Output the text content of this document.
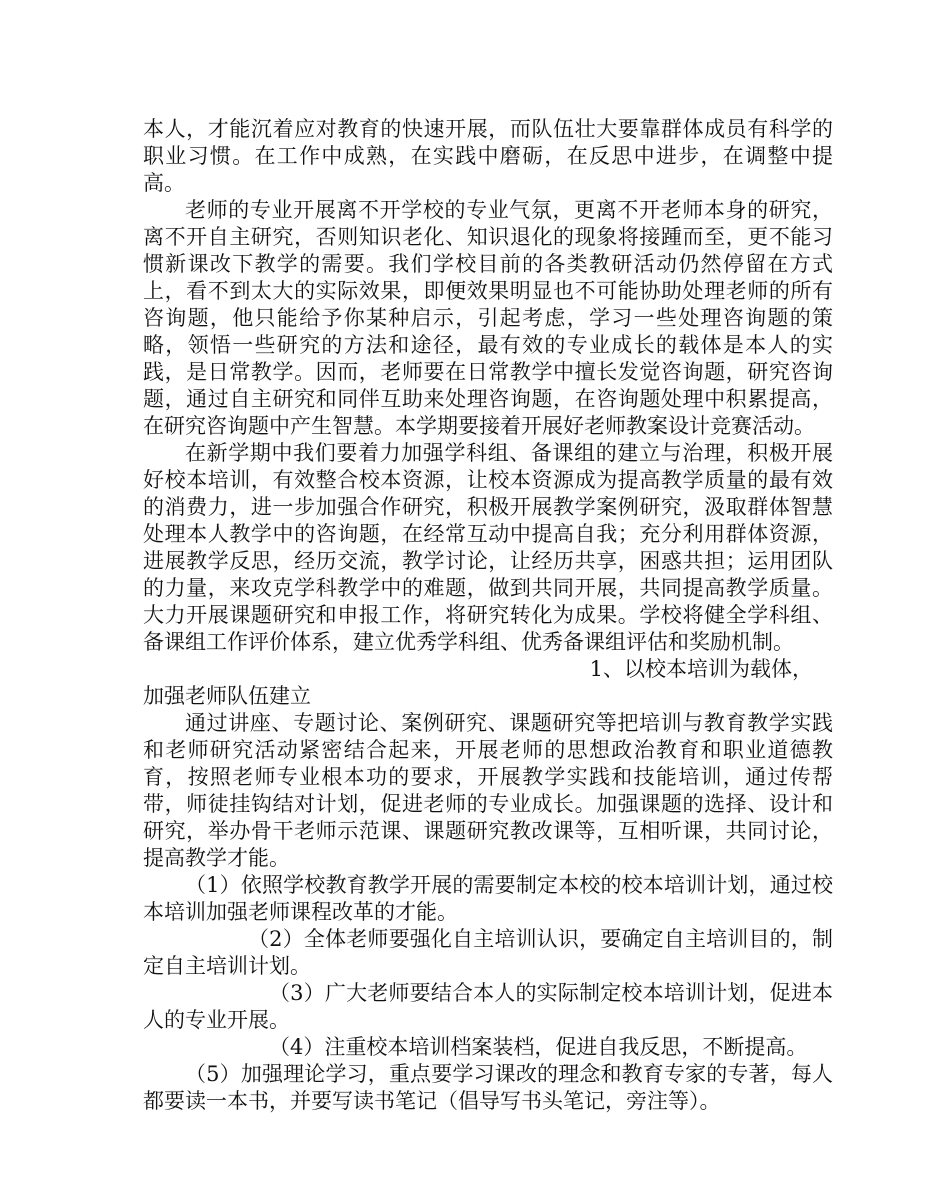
本人，才能沉着应对教育的快速开展，而队伍壮大要靠群体成员有科学的职业习惯。在工作中成熟，在实践中磨砺，在反思中进步，在调整中提高。

老师的专业开展离不开学校的专业气氛，更离不开老师本身的研究，离不开自主研究，否则知识老化、知识退化的现象将接踵而至，更不能习惯新课改下教学的需要。我们学校目前的各类教研活动仍然停留在方式上，看不到太大的实际效果，即便效果明显也不可能协助处理老师的所有咨询题，他只能给予你某种启示，引起考虑，学习一些处理咨询题的策略，领悟一些研究的方法和途径，最有效的专业成长的载体是本人的实践，是日常教学。因而，老师要在日常教学中擅长发觉咨询题，研究咨询题，通过自主研究和同伴互助来处理咨询题，在咨询题处理中积累提高，在研究咨询题中产生智慧。本学期要接着开展好老师教案设计竞赛活动。

在新学期中我们要着力加强学科组、备课组的建立与治理，积极开展好校本培训，有效整合校本资源，让校本资源成为提高教学质量的最有效的消费力，进一步加强合作研究，积极开展教学案例研究，汲取群体智慧处理本人教学中的咨询题，在经常互动中提高自我；充分利用群体资源，进展教学反思，经历交流，教学讨论，让经历共享，困惑共担；运用团队的力量，来攻克学科教学中的难题，做到共同开展，共同提高教学质量。大力开展课题研究和申报工作，将研究转化为成果。学校将健全学科组、备课组工作评价体系，建立优秀学科组、优秀备课组评估和奖励机制。

1、以校本培训为载体，

加强老师队伍建立

通过讲座、专题讨论、案例研究、课题研究等把培训与教育教学实践和老师研究活动紧密结合起来，开展老师的思想政治教育和职业道德教育，按照老师专业根本功的要求，开展教学实践和技能培训，通过传帮带，师徒挂钩结对计划，促进老师的专业成长。加强课题的选择、设计和研究，举办骨干老师示范课、课题研究教改课等，互相听课，共同讨论，提高教学才能。

（1）依照学校教育教学开展的需要制定本校的校本培训计划，通过校本培训加强老师课程改革的才能。

（2）全体老师要强化自主培训认识，要确定自主培训目的，制定自主培训计划。

（3）广大老师要结合本人的实际制定校本培训计划，促进本人的专业开展。

（4）注重校本培训档案装档，促进自我反思，不断提高。

（5）加强理论学习，重点要学习课改的理念和教育专家的专著，每人都要读一本书，并要写读书笔记（倡导写书头笔记，旁注等）。
